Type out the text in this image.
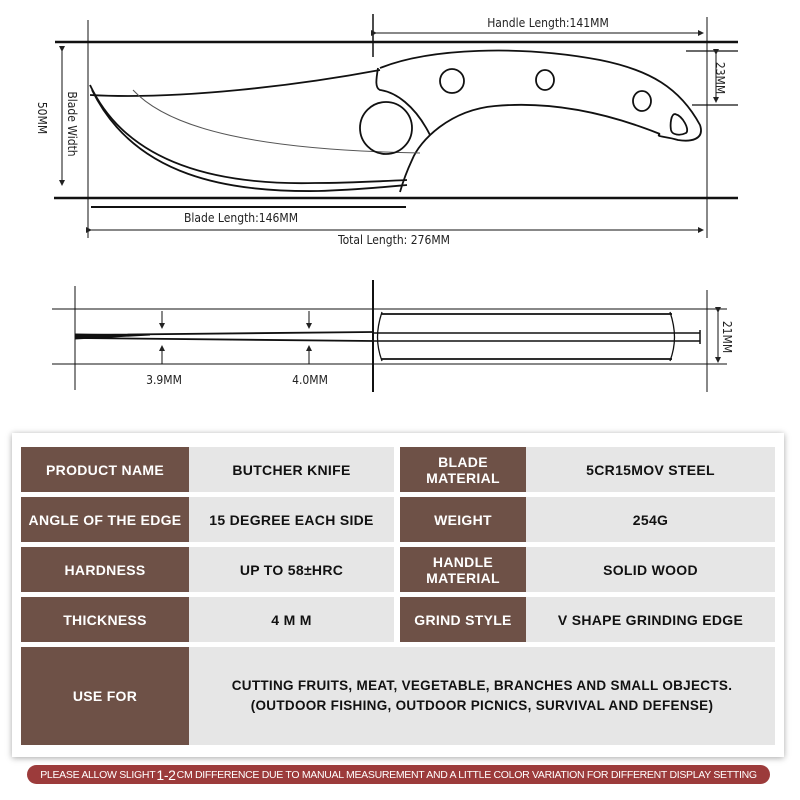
Handle Length:141MM
23MM
50MM Blade Width
Blade Length:146MM
Total Length: 276MM
3.9MM	4.0MM
21MM
PRODUCT NAME	BUTCHER KNIFE	BLADE MATERIAL	5CR15MOV STEEL
ANGLE OF THE EDGE	15 DEGREE EACH SIDE	WEIGHT	254G
HARDNESS	UP TO 58±HRC	HANDLE MATERIAL	SOLID WOOD
THICKNESS	4 M M	GRIND STYLE	V SHAPE GRINDING EDGE
USE FOR
CUTTING FRUITS, MEAT, VEGETABLE, BRANCHES AND SMALL OBJECTS.
(OUTDOOR FISHING, OUTDOOR PICNICS, SURVIVAL AND DEFENSE)
PLEASE ALLOW SLIGHT 1-2 CM DIFFERENCE DUE TO MANUAL MEASUREMENT AND A LITTLE COLOR VARIATION FOR DIFFERENT DISPLAY SETTING
